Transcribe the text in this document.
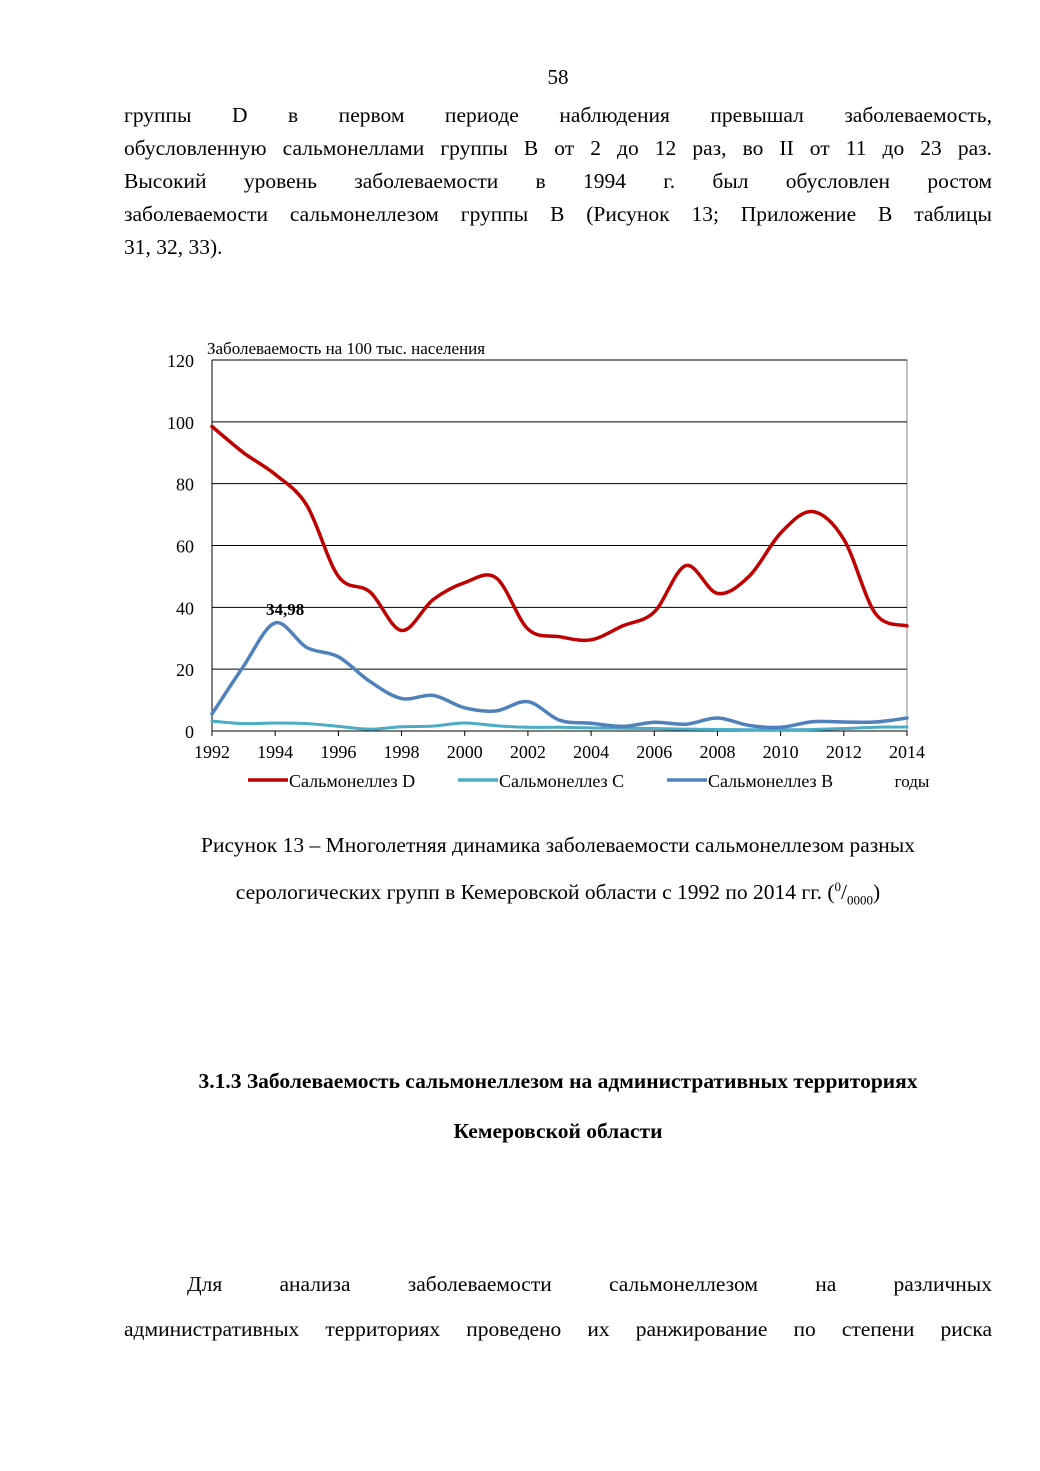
58
группы D в первом периоде наблюдения превышал заболеваемость,
обусловленную сальмонеллами группы В от 2 до 12 раз, во II от 11 до 23 раз.
Высокий уровень заболеваемости в 1994 г. был обусловлен ростом
заболеваемости сальмонеллезом группы В (Рисунок 13; Приложение В таблицы
31, 32, 33).
0
20
40
60
80
100
120
1992 1994 1996 1998 2000 2002 2004 2006 2008 2010 2012 2014
Заболеваемость на 100 тыс. населения
годы
34,98
Сальмонеллез D	Сальмонеллез С	Сальмонеллез В
Рисунок 13 – Многолетняя динамика заболеваемости сальмонеллезом разных
серологических групп в Кемеровской области с 1992 по 2014 гг. $(^0/_{0000})$
3.1.3 Заболеваемость сальмонеллезом на административных территориях
Кемеровской области
Для анализа заболеваемости сальмонеллезом на различных
административных территориях проведено их ранжирование по степени риска
